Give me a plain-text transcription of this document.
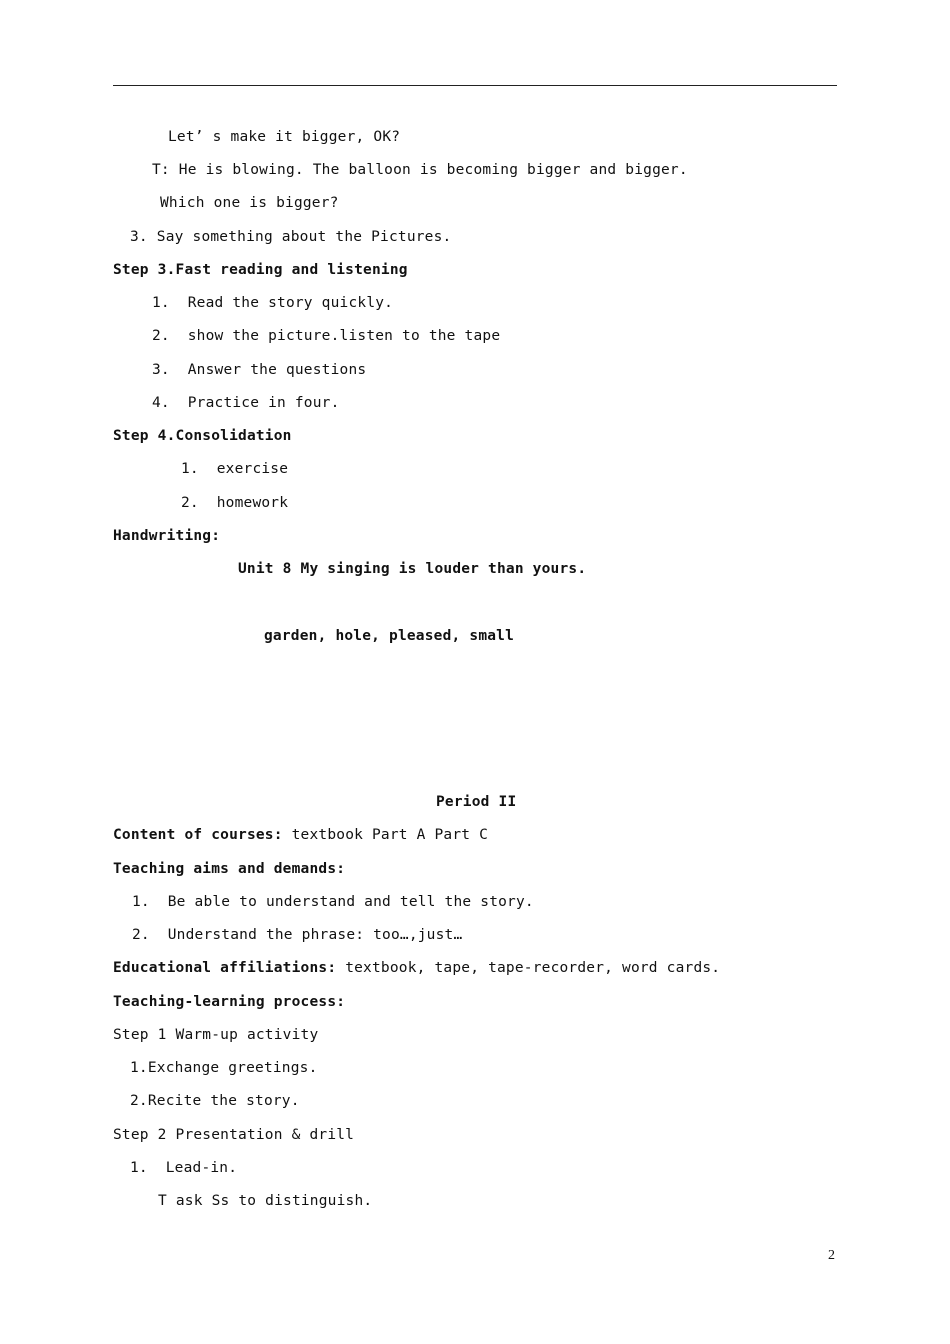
Let’ s make it bigger, OK?
T: He is blowing. The balloon is becoming bigger and bigger.
Which one is bigger?
3. Say something about the Pictures.
Step 3.Fast reading and listening
1.  Read the story quickly.
2.  show the picture.listen to the tape
3.  Answer the questions
4.  Practice in four.
Step 4.Consolidation
1.  exercise
2.  homework
Handwriting:
Unit 8 My singing is louder than yours.
garden, hole, pleased, small
Period II
Content of courses: textbook Part A Part C
Teaching aims and demands:
1.  Be able to understand and tell the story.
2.  Understand the phrase: too…,just…
Educational affiliations: textbook, tape, tape-recorder, word cards.
Teaching-learning process:
Step 1 Warm-up activity
1.Exchange greetings.
2.Recite the story.
Step 2 Presentation & drill
1.  Lead-in.
T ask Ss to distinguish.
2
